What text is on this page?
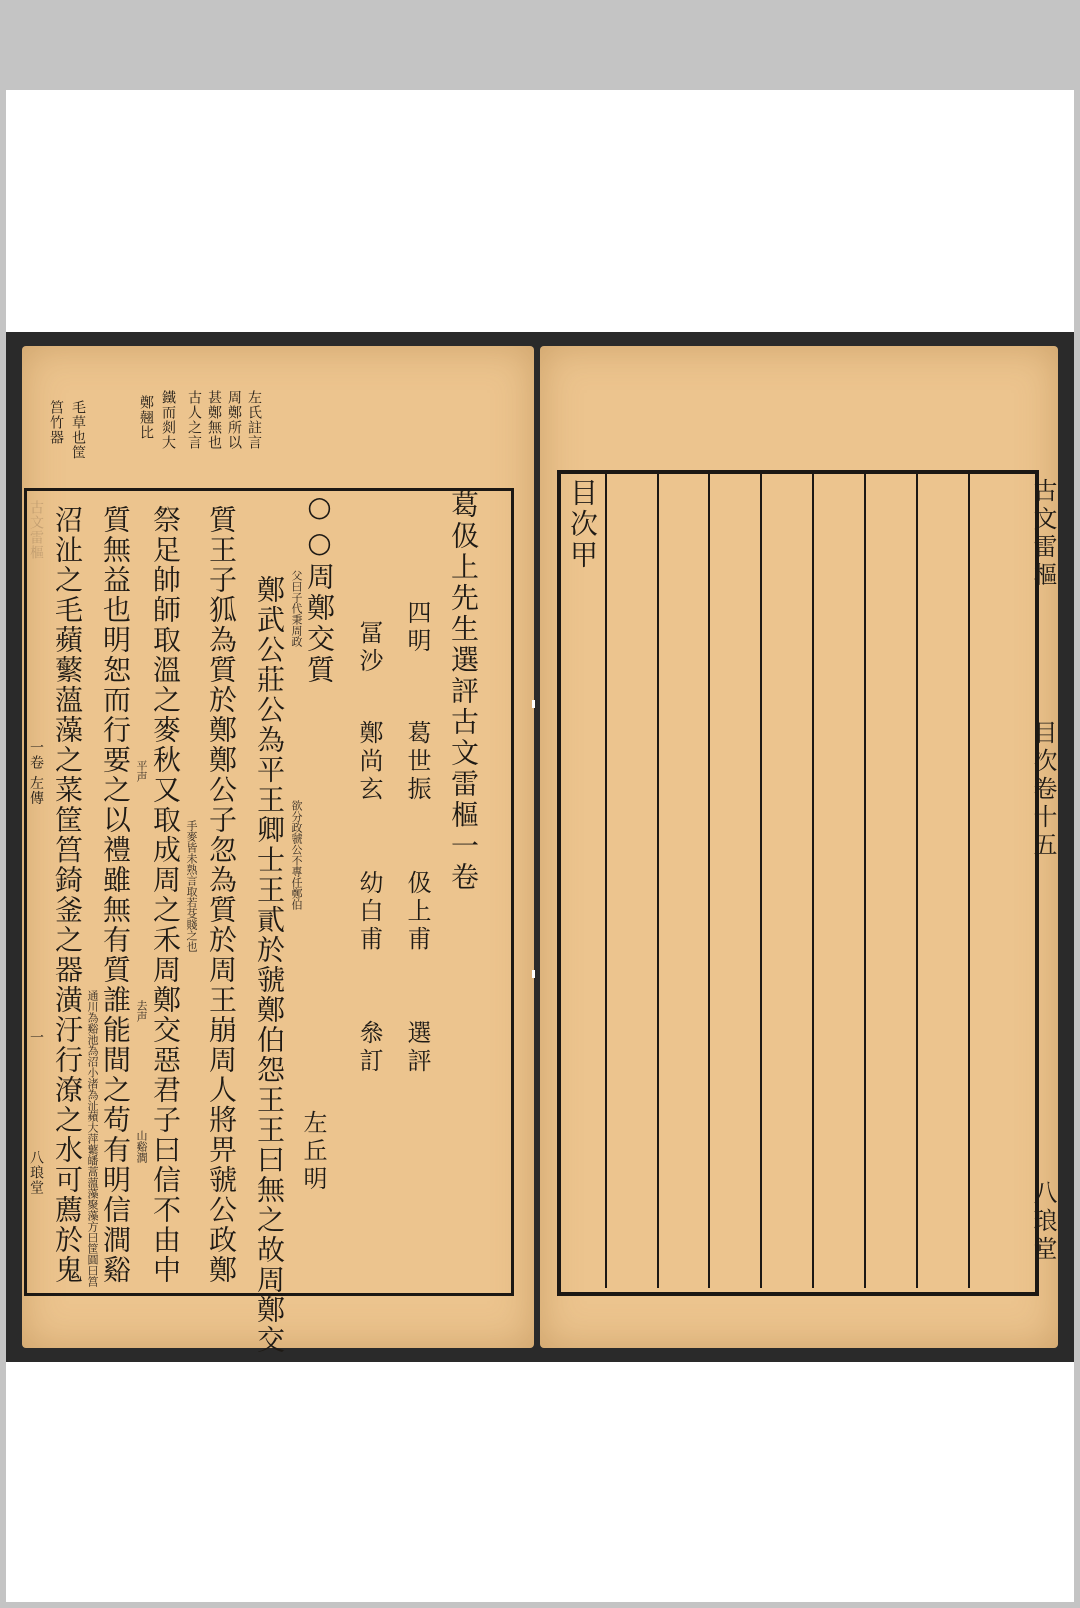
左氏註言
周鄭所以
甚鄭無也
古人之言
鐵而剡大
鄭翹比
毛草也筐
筥竹器
古文雷樞
一卷 左傳
一
八琅堂
葛伋上先生選評古文雷樞一卷
四明
葛世振
伋上甫
選評
冨沙
鄭尚玄
幼白甫
叅訂
左丘明
○○周鄭交質
父曰子代秉周政
欲分政虢公不專任鄭伯
手麥皆未熟言取若芟賤之也
去声
山谿澗
平声
通川為谿池為沼小渚為沚蘋大萍蘩皤蒿薀藻聚藻方曰筐圓曰筥	鄭武公莊公為平王卿士王貳於虢鄭伯怨王王曰無之故周鄭交
質王子狐為質於鄭鄭公子忽為質於周王崩周人將畀虢公政鄭
祭足帥師取溫之麥秋又取成周之禾周鄭交惡君子曰信不由中
質無益也明恕而行要之以禮雖無有質誰能間之苟有明信澗谿
沼沚之毛蘋蘩薀藻之菜筐筥錡釜之器潢汙行潦之水可薦於鬼	目次甲	古文雷樞
目次卷十五
八琅堂
